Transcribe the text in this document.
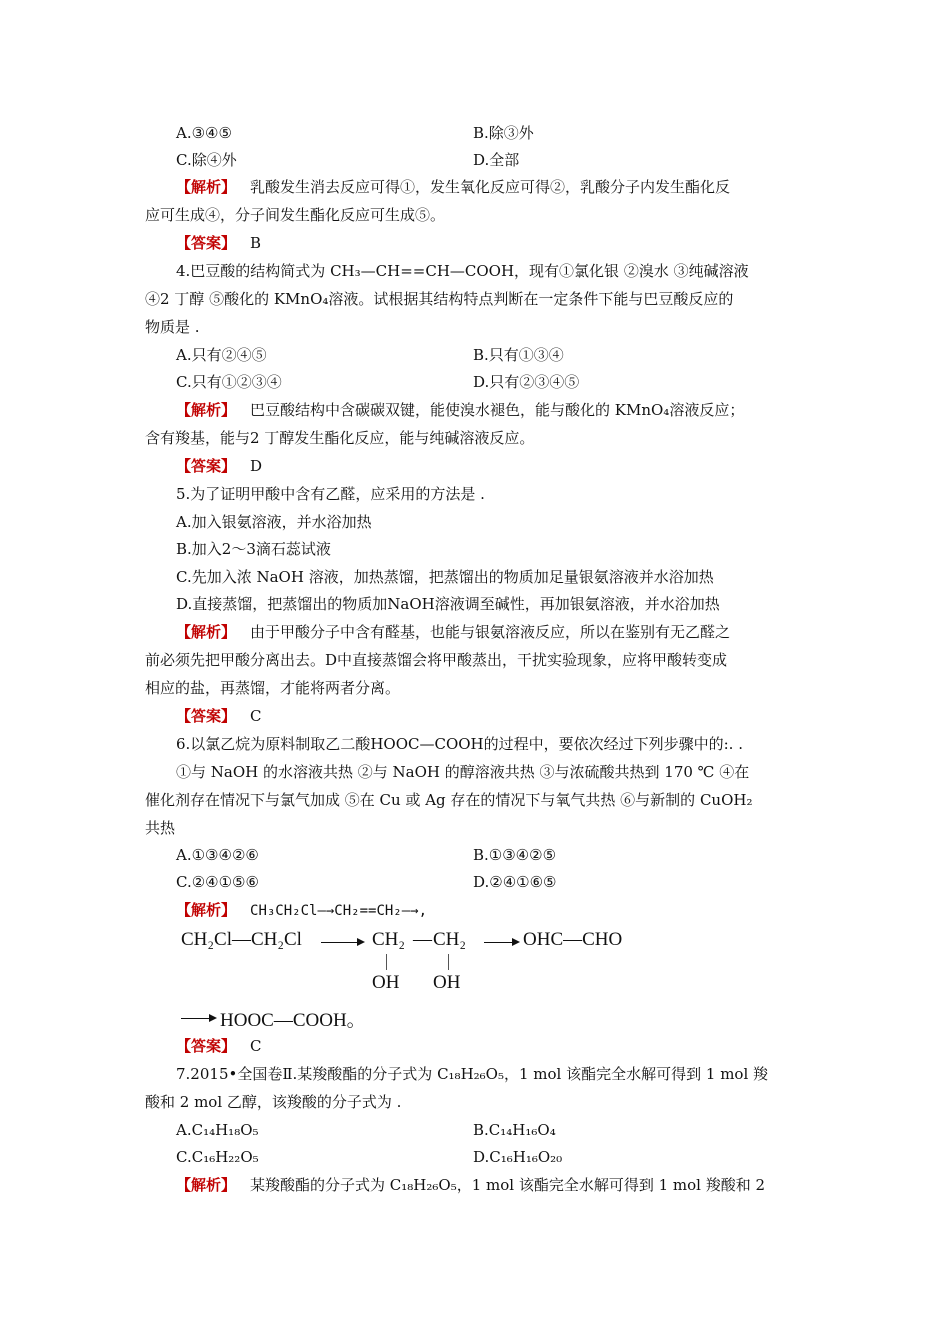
A.③④⑤	B.除③外
C.除④外	D.全部
【解析】 乳酸发生消去反应可得①，发生氧化反应可得②，乳酸分子内发生酯化反
应可生成④，分子间发生酯化反应可生成⑤。
【答案】 B
4.巴豆酸的结构简式为 CH₃—CH==CH—COOH，现有①氯化银 ②溴水 ③纯碱溶液
④2 丁醇 ⑤酸化的 KMnO₄溶液。试根据其结构特点判断在一定条件下能与巴豆酸反应的
物质是 .
A.只有②④⑤	B.只有①③④
C.只有①②③④	D.只有②③④⑤
【解析】 巴豆酸结构中含碳碳双键，能使溴水褪色，能与酸化的 KMnO₄溶液反应；
含有羧基，能与2 丁醇发生酯化反应，能与纯碱溶液反应。
【答案】 D
5.为了证明甲酸中含有乙醛，应采用的方法是 .
A.加入银氨溶液，并水浴加热
B.加入2～3滴石蕊试液
C.先加入浓 NaOH 溶液，加热蒸馏，把蒸馏出的物质加足量银氨溶液并水浴加热
D.直接蒸馏，把蒸馏出的物质加NaOH溶液调至碱性，再加银氨溶液，并水浴加热
【解析】 由于甲酸分子中含有醛基，也能与银氨溶液反应，所以在鉴别有无乙醛之
前必须先把甲酸分离出去。D中直接蒸馏会将甲酸蒸出，干扰实验现象，应将甲酸转变成
相应的盐，再蒸馏，才能将两者分离。
【答案】 C
6.以氯乙烷为原料制取乙二酸HOOC—COOH的过程中，要依次经过下列步骤中的:. .
①与 NaOH 的水溶液共热 ②与 NaOH 的醇溶液共热 ③与浓硫酸共热到 170 ℃ ④在
催化剂存在情况下与氯气加成 ⑤在 Cu 或 Ag 存在的情况下与氧气共热 ⑥与新制的 CuOH₂
共热
A.①③④②⑥	B.①③④②⑤
C.②④①⑤⑥	D.②④①⑥⑤
【解析】 CH₃CH₂Cl—→CH₂==CH₂—→,
CH₂Cl—CH₂Cl → CH₂ — CH₂ → OHC—CHO
OH OH
→ HOOC—COOH。
【答案】 C
7.2015•全国卷Ⅱ.某羧酸酯的分子式为 C₁₈H₂₆O₅，1 mol 该酯完全水解可得到 1 mol 羧
酸和 2 mol 乙醇，该羧酸的分子式为 .
A.C₁₄H₁₈O₅	B.C₁₄H₁₆O₄
C.C₁₆H₂₂O₅	D.C₁₆H₁₆O₂₀
【解析】 某羧酸酯的分子式为 C₁₈H₂₆O₅，1 mol 该酯完全水解可得到 1 mol 羧酸和 2
